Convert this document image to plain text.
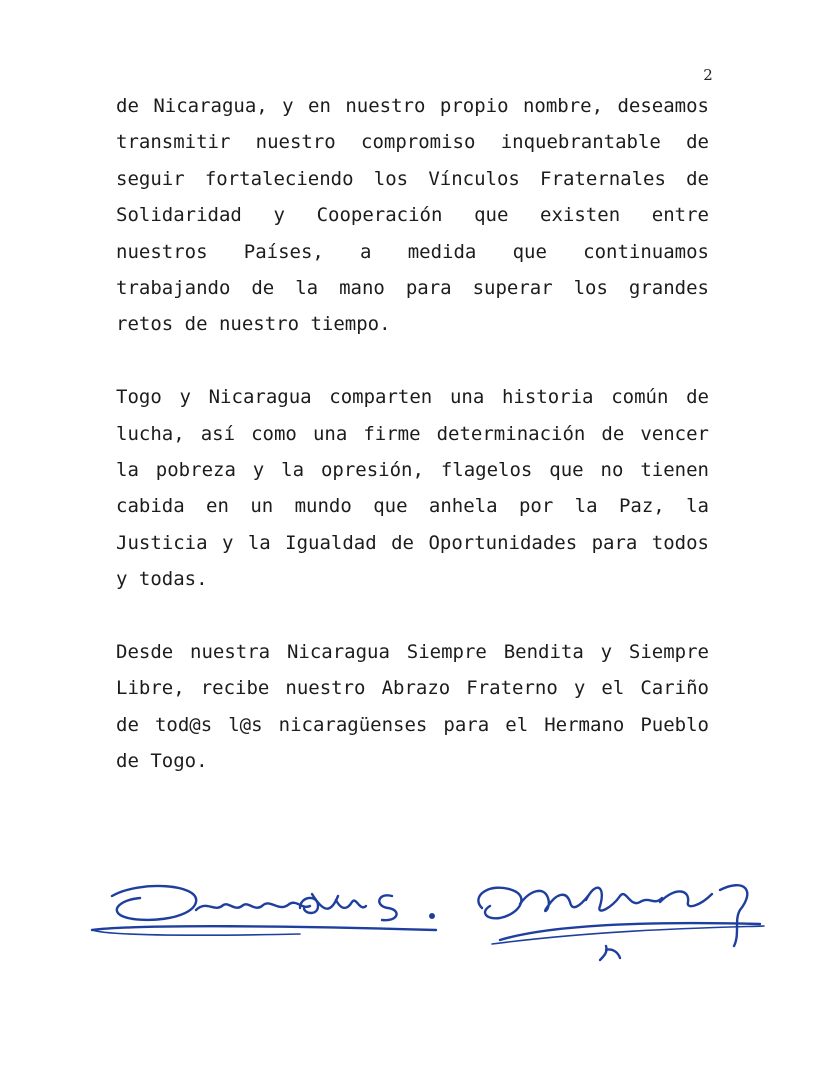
2

de Nicaragua, y en nuestro propio nombre, deseamos transmitir nuestro compromiso inquebrantable de seguir fortaleciendo los Vínculos Fraternales de Solidaridad y Cooperación que existen entre nuestros Países, a medida que continuamos trabajando de la mano para superar los grandes retos de nuestro tiempo.

Togo y Nicaragua comparten una historia común de lucha, así como una firme determinación de vencer la pobreza y la opresión, flagelos que no tienen cabida en un mundo que anhela por la Paz, la Justicia y la Igualdad de Oportunidades para todos y todas.

Desde nuestra Nicaragua Siempre Bendita y Siempre Libre, recibe nuestro Abrazo Fraterno y el Cariño de tod@s l@s nicaragüenses para el Hermano Pueblo de Togo.
